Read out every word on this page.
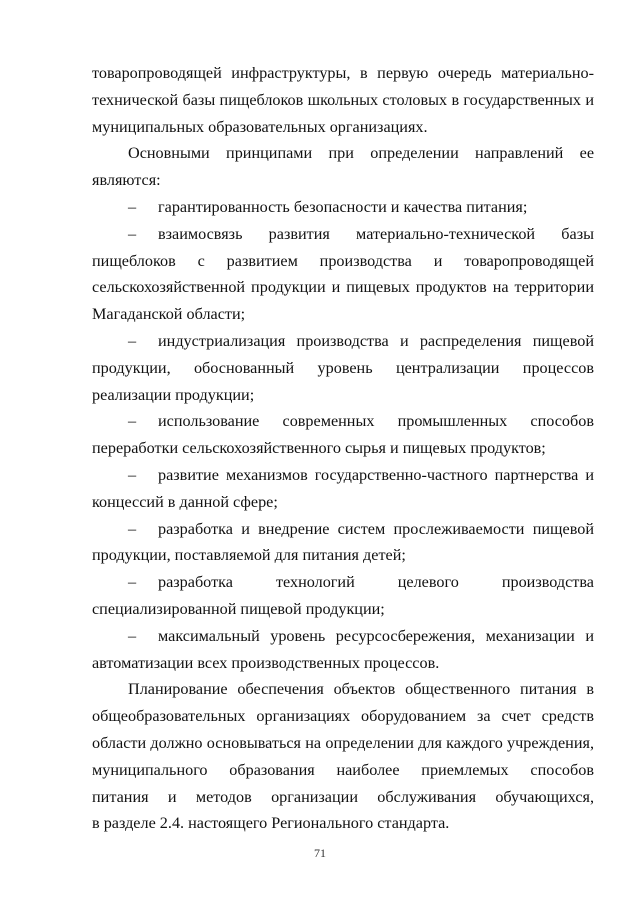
товаропроводящей инфраструктуры, в первую очередь материально-
технической базы пищеблоков школьных столовых в государственных и
муниципальных образовательных организациях.
Основными принципами при определении направлений ее
являются:
–	гарантированность безопасности и качества питания;
–	взаимосвязь развития материально-технической базы
пищеблоков с развитием производства и товаропроводящей
сельскохозяйственной продукции и пищевых продуктов на территории
Магаданской области;
–	индустриализация производства и распределения пищевой
продукции, обоснованный уровень централизации процессов
реализации продукции;
–	использование современных промышленных способов
переработки сельскохозяйственного сырья и пищевых продуктов;
–	развитие механизмов государственно-частного партнерства и
концессий в данной сфере;
–	разработка и внедрение систем прослеживаемости пищевой
продукции, поставляемой для питания детей;
–	разработка технологий целевого производства
специализированной пищевой продукции;
–	максимальный уровень ресурсосбережения, механизации и
автоматизации всех производственных процессов.
Планирование обеспечения объектов общественного питания в
общеобразовательных организациях оборудованием за счет средств
области должно основываться на определении для каждого учреждения,
муниципального образования наиболее приемлемых способов
питания и методов организации обслуживания обучающихся,
в разделе 2.4. настоящего Регионального стандарта.
71
